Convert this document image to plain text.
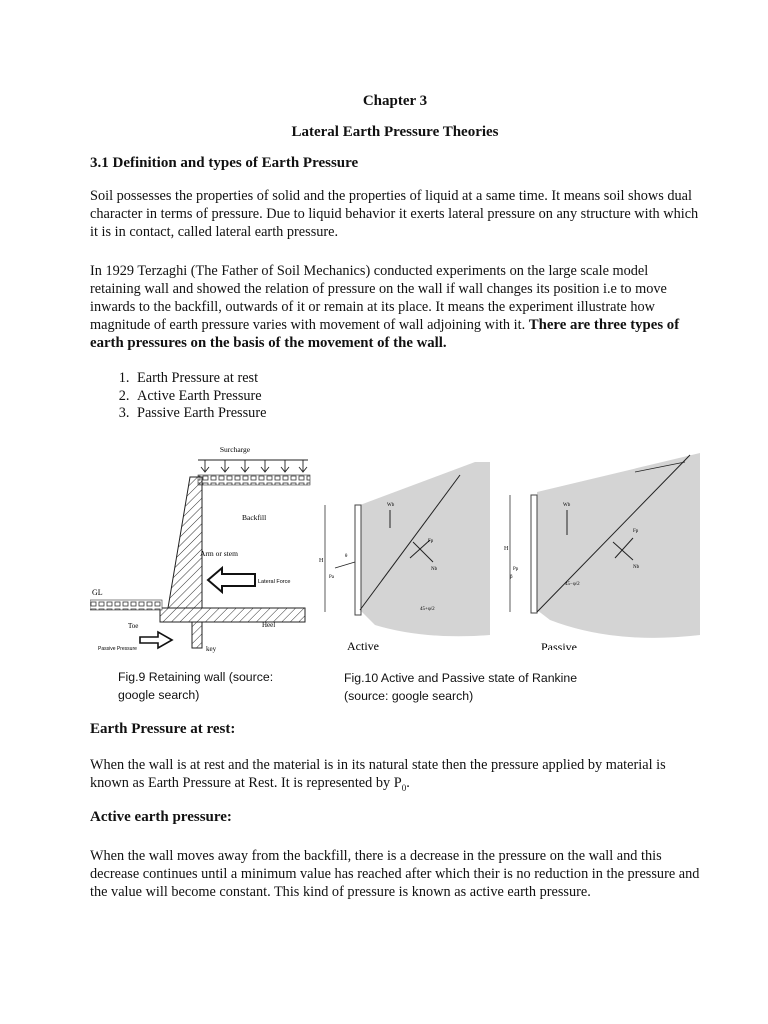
Chapter 3
Lateral Earth Pressure Theories
3.1 Definition and types of Earth Pressure

Soil possesses the properties of solid and the properties of liquid at a same time. It means soil shows dual character in terms of pressure. Due to liquid behavior it exerts lateral pressure on any structure with which it is in contact, called lateral earth pressure.

In 1929 Terzaghi (The Father of Soil Mechanics) conducted experiments on the large scale model retaining wall and showed the relation of pressure on the wall if wall changes its position i.e to move inwards to the backfill, outwards of it or remain at its place. It means the experiment illustrate how magnitude of earth pressure varies with movement of wall adjoining with it. There are three types of earth pressures on the basis of the movement of the wall.

1. Earth Pressure at rest
2. Active Earth Pressure
3. Passive Earth Pressure
Earth Pressure at rest:

When the wall is at rest and the material is in its natural state then the pressure applied by material is known as Earth Pressure at Rest. It is represented by $P_0$.

Active earth pressure:

When the wall moves away from the backfill, there is a decrease in the pressure on the wall and this decrease continues until a minimum value has reached after which their is no reduction in the pressure and the value will become constant. This kind of pressure is known as active earth pressure.

Surcharge
GL
Backfill
Arm or stem
Lateral Force
Toe	Heel
Passive Pressure	key
H
Wb
Nb
Fp
θ
Pa
45+φ/2
Active
H
β
Wb
Fp
Nb
Pp
45−φ/2
Passive
Fig.9 Retaining wall (source: google search)
Fig.10 Active and Passive state of Rankine (source: google search)
